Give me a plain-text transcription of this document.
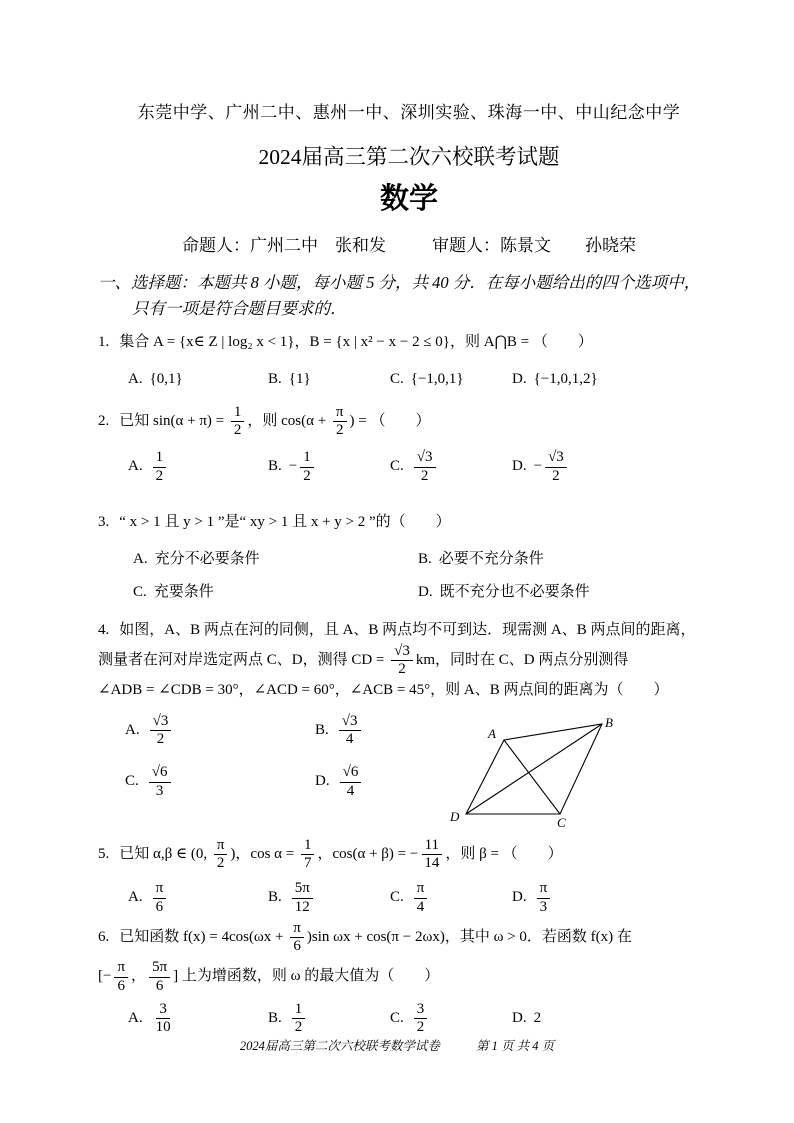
东莞中学、广州二中、惠州一中、深圳实验、珠海一中、中山纪念中学
2024届高三第二次六校联考试题
数学
命题人：广州二中　张和发	审题人：陈景文　　孙晓荣
一、选择题：本题共 8 小题，每小题 5 分，共 40 分．在每小题给出的四个选项中，
只有一项是符合题目要求的．
1. 集合 A = {x∈ Z | log₂ x < 1}，B = {x | x² − x − 2 ≤ 0}，则 A⋂B = （　　）
A. {0,1}	B. {1}	C. {−1,0,1}	D. {−1,0,1,2}
2. 已知 $\sin(\alpha + \pi) = \frac{1}{2}$ ，则 $\cos(\alpha + \frac{\pi}{2}$ ) = （　　）
A. $\frac{1}{2}$	B. − $\frac{1}{2}$	C. $\frac{√3}{2}$	D. − $\frac{√3}{2}$
3. “ x > 1 且 y > 1 ”是“ xy > 1 且 x + y > 2 ”的（　　）
A. 充分不必要条件	B. 必要不充分条件
C. 充要条件	D. 既不充分也不必要条件
4. 如图，A、B 两点在河的同侧，且 A、B 两点均不可到达．现需测 A、B 两点间的距离，
测量者在河对岸选定两点 C、D，测得 CD = $\frac{√3}{2}$ km，同时在 C、D 两点分别测得
∠ADB = ∠CDB = 30°，∠ACD = 60°，∠ACB = 45°，则 A、B 两点间的距离为（　　）
A. $\frac{√3}{2}$	B. $\frac{√3}{4}$
C. $\frac{√6}{3}$	D. $\frac{√6}{4}$
A
B
C
D
5. 已知 α,β ∈ (0, $\frac{\pi}{2}$ )，$\cos \alpha = \frac{1}{7}$ ，cos(α + β) = − $\frac{11}{14}$ ，则 β = （　　）
A. $\frac{\pi}{6}$	B. $\frac{5\pi}{12}$	C. $\frac{\pi}{4}$	D. $\frac{\pi}{3}$
6. 已知函数 $f(x) = 4\cos(\omega x + \frac{\pi}{6} )\sin$ ωx + cos(π − 2ωx)，其中 ω > 0．若函数 f(x) 在
[− $\frac{\pi}{6}$ ， $\frac{5\pi}{6}$ ] 上为增函数，则 ω 的最大值为（　　）
A. $\frac{3}{10}$	B. $\frac{1}{2}$	C. $\frac{3}{2}$	D. 2
2024届高三第二次六校联考数学试卷	第 1 页 共 4 页
